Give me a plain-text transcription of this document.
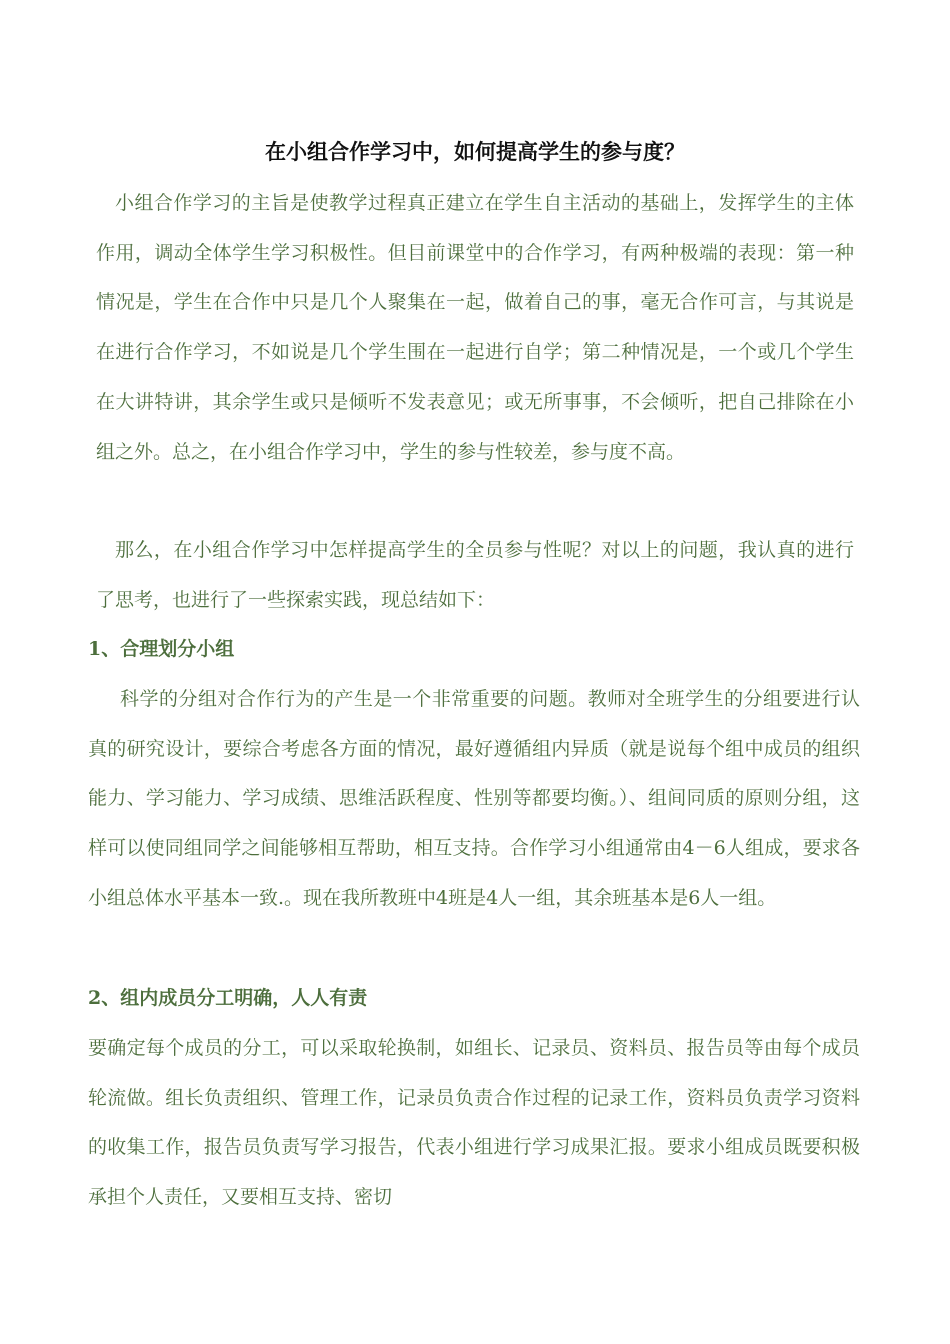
在小组合作学习中，如何提高学生的参与度？

小组合作学习的主旨是使教学过程真正建立在学生自主活动的基础上，发挥学生的主体作用，调动全体学生学习积极性。但目前课堂中的合作学习，有两种极端的表现：第一种情况是，学生在合作中只是几个人聚集在一起，做着自己的事，毫无合作可言，与其说是在进行合作学习，不如说是几个学生围在一起进行自学；第二种情况是，一个或几个学生在大讲特讲，其余学生或只是倾听不发表意见；或无所事事，不会倾听，把自己排除在小组之外。总之，在小组合作学习中，学生的参与性较差，参与度不高。

那么，在小组合作学习中怎样提高学生的全员参与性呢？对以上的问题，我认真的进行了思考，也进行了一些探索实践，现总结如下：

1、合理划分小组

科学的分组对合作行为的产生是一个非常重要的问题。教师对全班学生的分组要进行认真的研究设计，要综合考虑各方面的情况，最好遵循组内异质（就是说每个组中成员的组织能力、学习能力、学习成绩、思维活跃程度、性别等都要均衡。）、组间同质的原则分组，这样可以使同组同学之间能够相互帮助，相互支持。合作学习小组通常由4－6人组成，要求各小组总体水平基本一致.。现在我所教班中4班是4人一组，其余班基本是6人一组。

2、组内成员分工明确，人人有责

要确定每个成员的分工，可以采取轮换制，如组长、记录员、资料员、报告员等由每个成员轮流做。组长负责组织、管理工作，记录员负责合作过程的记录工作，资料员负责学习资料的收集工作，报告员负责写学习报告，代表小组进行学习成果汇报。要求小组成员既要积极承担个人责任，又要相互支持、密切
